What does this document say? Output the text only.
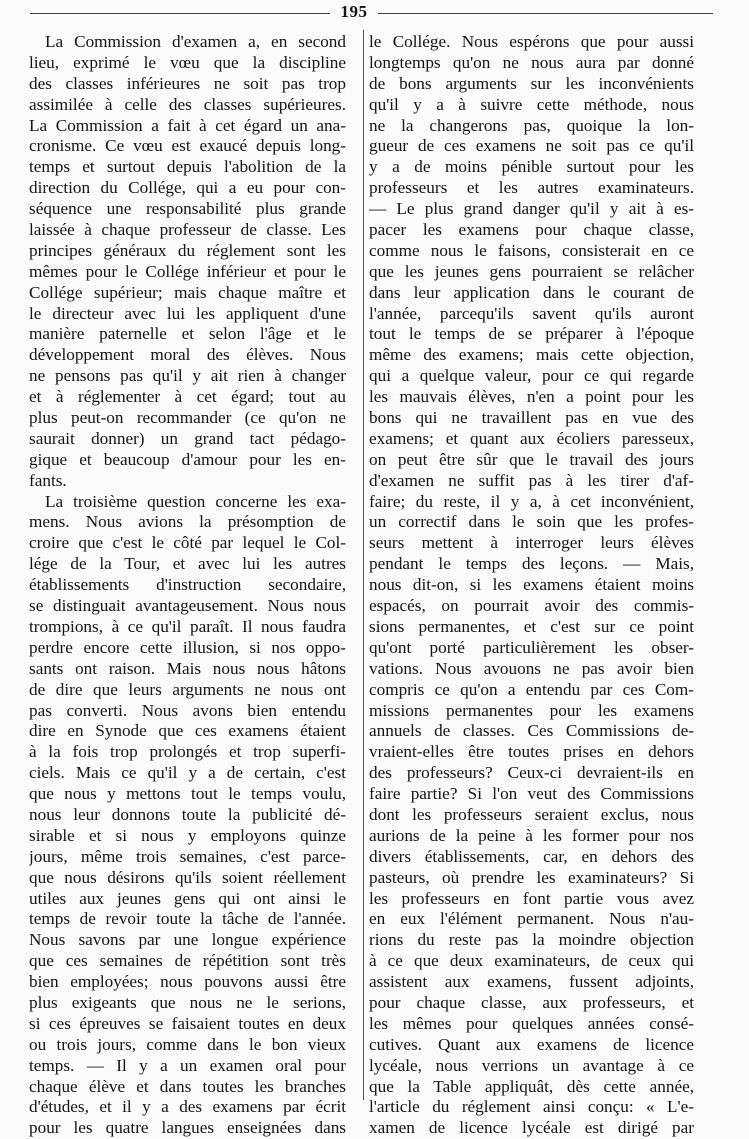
195
La Commission d'examen a, en second
lieu, exprimé le vœu que la discipline
des classes inférieures ne soit pas trop
assimilée à celle des classes supérieures.
La Commission a fait à cet égard un ana-
cronisme. Ce vœu est exaucé depuis long-
temps et surtout depuis l'abolition de la
direction du Collége, qui a eu pour con-
séquence une responsabilité plus grande
laissée à chaque professeur de classe. Les
principes généraux du réglement sont les
mêmes pour le Collége inférieur et pour le
Collége supérieur; mais chaque maître et
le directeur avec lui les appliquent d'une
manière paternelle et selon l'âge et le
développement moral des élèves. Nous
ne pensons pas qu'il y ait rien à changer
et à réglementer à cet égard; tout au
plus peut-on recommander (ce qu'on ne
saurait donner) un grand tact pédago-
gique et beaucoup d'amour pour les en-
fants.
La troisième question concerne les exa-
mens. Nous avions la présomption de
croire que c'est le côté par lequel le Col-
lége de la Tour, et avec lui les autres
établissements d'instruction secondaire,
se distinguait avantageusement. Nous nous
trompions, à ce qu'il paraît. Il nous faudra
perdre encore cette illusion, si nos oppo-
sants ont raison. Mais nous nous hâtons
de dire que leurs arguments ne nous ont
pas converti. Nous avons bien entendu
dire en Synode que ces examens étaient
à la fois trop prolongés et trop superfi-
ciels. Mais ce qu'il y a de certain, c'est
que nous y mettons tout le temps voulu,
nous leur donnons toute la publicité dé-
sirable et si nous y employons quinze
jours, même trois semaines, c'est parce-
que nous désirons qu'ils soient réellement
utiles aux jeunes gens qui ont ainsi le
temps de revoir toute la tâche de l'année.
Nous savons par une longue expérience
que ces semaines de répétition sont très
bien employées; nous pouvons aussi être
plus exigeants que nous ne le serions,
si ces épreuves se faisaient toutes en deux
ou trois jours, comme dans le bon vieux
temps. — Il y a un examen oral pour
chaque élève et dans toutes les branches
d'études, et il y a des examens par écrit
pour les quatre langues enseignées dans
le Collége. Nous espérons que pour aussi
longtemps qu'on ne nous aura par donné
de bons arguments sur les inconvénients
qu'il y a à suivre cette méthode, nous
ne la changerons pas, quoique la lon-
gueur de ces examens ne soit pas ce qu'il
y a de moins pénible surtout pour les
professeurs et les autres examinateurs.
— Le plus grand danger qu'il y ait à es-
pacer les examens pour chaque classe,
comme nous le faisons, consisterait en ce
que les jeunes gens pourraient se relâcher
dans leur application dans le courant de
l'année, parcequ'ils savent qu'ils auront
tout le temps de se préparer à l'époque
même des examens; mais cette objection,
qui a quelque valeur, pour ce qui regarde
les mauvais élèves, n'en a point pour les
bons qui ne travaillent pas en vue des
examens; et quant aux écoliers paresseux,
on peut être sûr que le travail des jours
d'examen ne suffit pas à les tirer d'af-
faire; du reste, il y a, à cet inconvénient,
un correctif dans le soin que les profes-
seurs mettent à interroger leurs élèves
pendant le temps des leçons. — Mais,
nous dit-on, si les examens étaient moins
espacés, on pourrait avoir des commis-
sions permanentes, et c'est sur ce point
qu'ont porté particulièrement les obser-
vations. Nous avouons ne pas avoir bien
compris ce qu'on a entendu par ces Com-
missions permanentes pour les examens
annuels de classes. Ces Commissions de-
vraient-elles être toutes prises en dehors
des professeurs? Ceux-ci devraient-ils en
faire partie? Si l'on veut des Commissions
dont les professeurs seraient exclus, nous
aurions de la peine à les former pour nos
divers établissements, car, en dehors des
pasteurs, où prendre les examinateurs? Si
les professeurs en font partie vous avez
en eux l'élément permanent. Nous n'au-
rions du reste pas la moindre objection
à ce que deux examinateurs, de ceux qui
assistent aux examens, fussent adjoints,
pour chaque classe, aux professeurs, et
les mêmes pour quelques années consé-
cutives. Quant aux examens de licence
lycéale, nous verrions un avantage à ce
que la Table appliquât, dès cette année,
l'article du réglement ainsi conçu: « L'e-
xamen de licence lycéale est dirigé par
